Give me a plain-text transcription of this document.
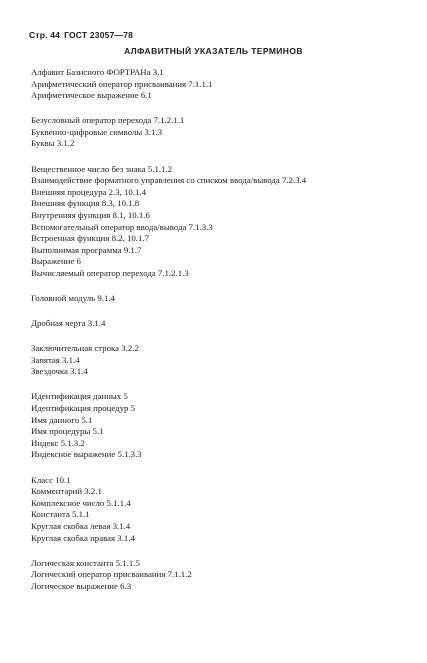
Стр. 44 ГОСТ 23057—78
АЛФАВИТНЫЙ УКАЗАТЕЛЬ ТЕРМИНОВ
Алфавит Базисного ФОРТРАНа 3.1
Арифметический оператор присваивания 7.1.1.1
Арифметическое выражение 6.1
Безусловный оператор перехода 7.1.2.1.1
Буквенно-цифровые символы 3.1.3
Буквы 3.1.2
Вещественное число без знака 5.1.1.2
Взаимодействие форматного управления со списком ввода/вывода 7.2.3.4
Внешняя процедура 2.3, 10.1.4
Внешняя функция 8.3, 10.1.8
Внутренняя функция 8.1, 10.1.6
Вспомогательный оператор ввода/вывода 7.1.3.3
Встроенная функция 8.2, 10.1.7
Выполнимая программа 9.1.7
Выражение 6
Вычисляемый оператор перехода 7.1.2.1.3
Головной модуль 9.1.4
Дробная черта 3.1.4
Заключительная строка 3.2.2
Запятая 3.1.4
Звездочка 3.1.4
Идентификация данных 5
Идентификация процедур 5
Имя данного 5.1
Имя процедуры 5.1
Индекс 5.1.3.2
Индексное выражение 5.1.3.3
Класс 10.1
Комментарий 3.2.1
Комплексное число 5.1.1.4
Константа 5.1.1
Круглая скобка левая 3.1.4
Круглая скобка правая 3.1.4
Логическая константа 5.1.1.5
Логический оператор присваивания 7.1.1.2
Логическое выражение 6.3
